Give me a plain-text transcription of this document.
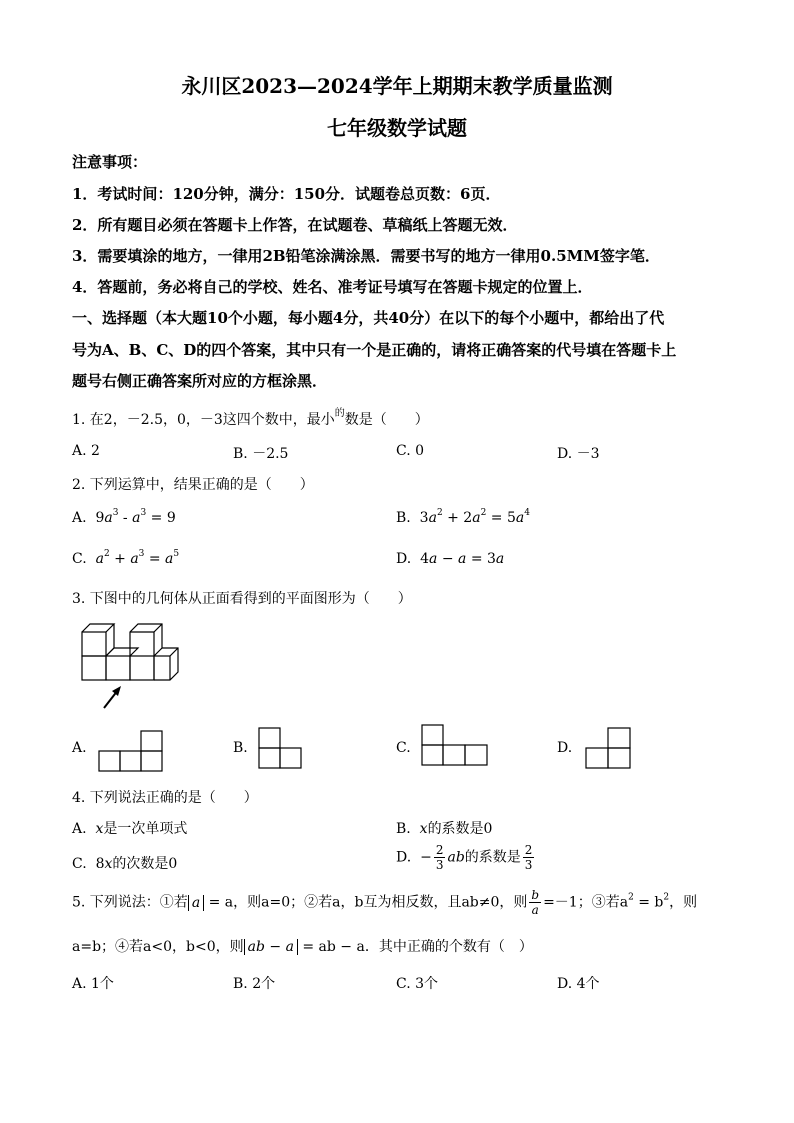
永川区2023—2024学年上期期末教学质量监测
七年级数学试题
注意事项：
1．考试时间：120分钟，满分：150分．试题卷总页数：6页．
2．所有题目必须在答题卡上作答，在试题卷、草稿纸上答题无效．
3．需要填涂的地方，一律用2B铅笔涂满涂黑．需要书写的地方一律用0.5MM签字笔．
4．答题前，务必将自己的学校、姓名、准考证号填写在答题卡规定的位置上．
一、选择题（本大题10个小题，每小题4分，共40分）在以下的每个小题中，都给出了代
号为A、B、C、D的四个答案，其中只有一个是正确的，请将正确答案的代号填在答题卡上
题号右侧正确答案所对应的方框涂黑．
1. 在2，－2.5，0，－3这四个数中，最小$^的$数是（　　）
A. 2	B. －2.5	C. 0	D. －3
2. 下列运算中，结果正确的是（　　）
A. $9a^3 - a^3 = 9$	B. $3a^2 + 2a^2 = 5a^4$
C. $a^2 + a^3 = a^5$	D. 4a − a = 3a
3. 下图中的几何体从正面看得到的平面图形为（　　）
A.	B.	C.	D.
4. 下列说法正确的是（　　）
A. x是一次单项式	B. x的系数是0
C. 8x的次数是0	D. − $\frac{2}{3}$ ab的系数是 $\frac{2}{3}$
5. 下列说法：①若 a = a，则a=0；②若a，b互为相反数，且ab≠0，则 $\frac{b}{a} =-1$；③若$a^2 = b^2$，则
a=b；④若a<0，b<0，则 ab − a = ab − a．其中正确的个数有（　）
A. 1个	B. 2个	C. 3个	D. 4个
